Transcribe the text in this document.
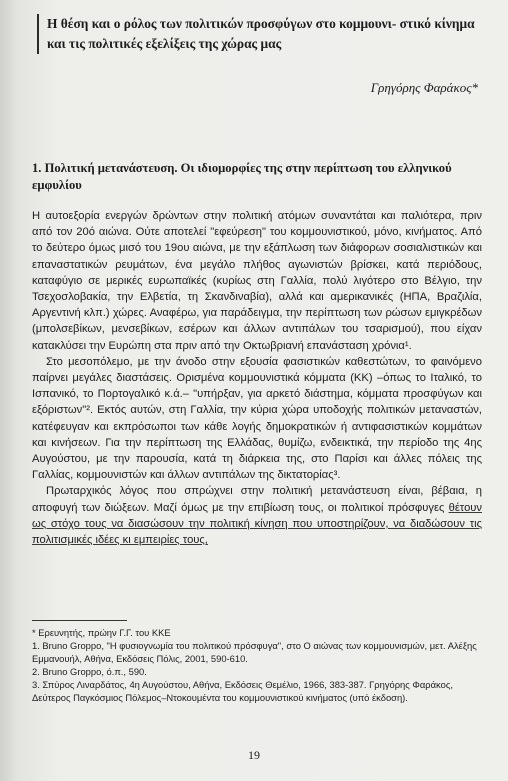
Η θέση και ο ρόλος των πολιτικών προσφύγων στο κομμουνι- στικό κίνημα και τις πολιτικές εξελίξεις της χώρας μας
Γρηγόρης Φαράκος*
1. Πολιτική μετανάστευση. Οι ιδιομορφίες της στην περίπτωση του ελληνικού εμφυλίου

Η αυτοεξορία ενεργών δρώντων στην πολιτική ατόμων συναντάται και παλιότερα, πριν από τον 20ό αιώνα. Ούτε αποτελεί "εφεύρεση" του κομμουνιστικού, μόνο, κινήματος. Από το δεύτερο όμως μισό του 19ου αιώνα, με την εξάπλωση των διάφορων σοσιαλιστικών και επαναστατικών ρευμάτων, ένα μεγάλο πλήθος αγωνιστών βρίσκει, κατά περιόδους, καταφύγιο σε μερικές ευρωπαϊκές (κυρίως στη Γαλλία, πολύ λιγότερο στο Βέλγιο, την Τσεχοσλοβακία, την Ελβετία, τη Σκανδιναβία), αλλά και αμερικανικές (ΗΠΑ, Βραζιλία, Αργεντινή κλπ.) χώρες. Αναφέρω, για παράδειγμα, την περίπτωση των ρώσων εμιγκρέδων (μπολσεβίκων, μενσεβίκων, εσέρων και άλλων αντιπάλων του τσαρισμού), που είχαν κατακλύσει την Ευρώπη στα πριν από την Οκτωβριανή επανάσταση χρόνια¹.

Στο μεσοπόλεμο, με την άνοδο στην εξουσία φασιστικών καθεστώτων, το φαινόμενο παίρνει μεγάλες διαστάσεις. Ορισμένα κομμουνιστικά κόμματα (ΚΚ) –όπως το Ιταλικό, το Ισπανικό, το Πορτογαλικό κ.ά.– "υπήρξαν, για αρκετό διάστημα, κόμματα προσφύγων και εξόριστων"². Εκτός αυτών, στη Γαλλία, την κύρια χώρα υποδοχής πολιτικών μεταναστών, κατέφευγαν και εκπρόσωποι των κάθε λογής δημοκρατικών ή αντιφασιστικών κομμάτων και κινήσεων. Για την περίπτωση της Ελλάδας, θυμίζω, ενδεικτικά, την περίοδο της 4ης Αυγούστου, με την παρουσία, κατά τη διάρκεια της, στο Παρίσι και άλλες πόλεις της Γαλλίας, κομμουνιστών και άλλων αντιπάλων της δικτατορίας³.

Πρωταρχικός λόγος που σπρώχνει στην πολιτική μετανάστευση είναι, βέβαια, η αποφυγή των διώξεων. Μαζί όμως με την επιβίωση τους, οι πολιτικοί πρόσφυγες θέτουν ως στόχο τους να διασώσουν την πολιτική κίνηση που υποστηρίζουν, να διαδώσουν τις πολιτισμικές ιδέες κι εμπειρίες τους,

* Ερευνητής, πρώην Γ.Γ. του ΚΚΕ
1. Bruno Groppo, "Η φυσιογνωμία του πολιτικού πρόσφυγα", στο Ο αιώνας των κομμουνισμών, μετ. Αλέξης Εμμανουήλ, Αθήνα, Εκδόσεις Πόλις, 2001, 590-610.
2. Bruno Groppo, ό.π., 590.
3. Σπύρος Λιναρδάτος, 4η Αυγούστου, Αθήνα, Εκδόσεις Θεμέλιο, 1966, 383-387. Γρηγόρης Φαράκος, Δεύτερος Παγκόσμιος Πόλεμος–Ντοκουμέντα του κομμουνιστικού κινήματος (υπό έκδοση).
19
